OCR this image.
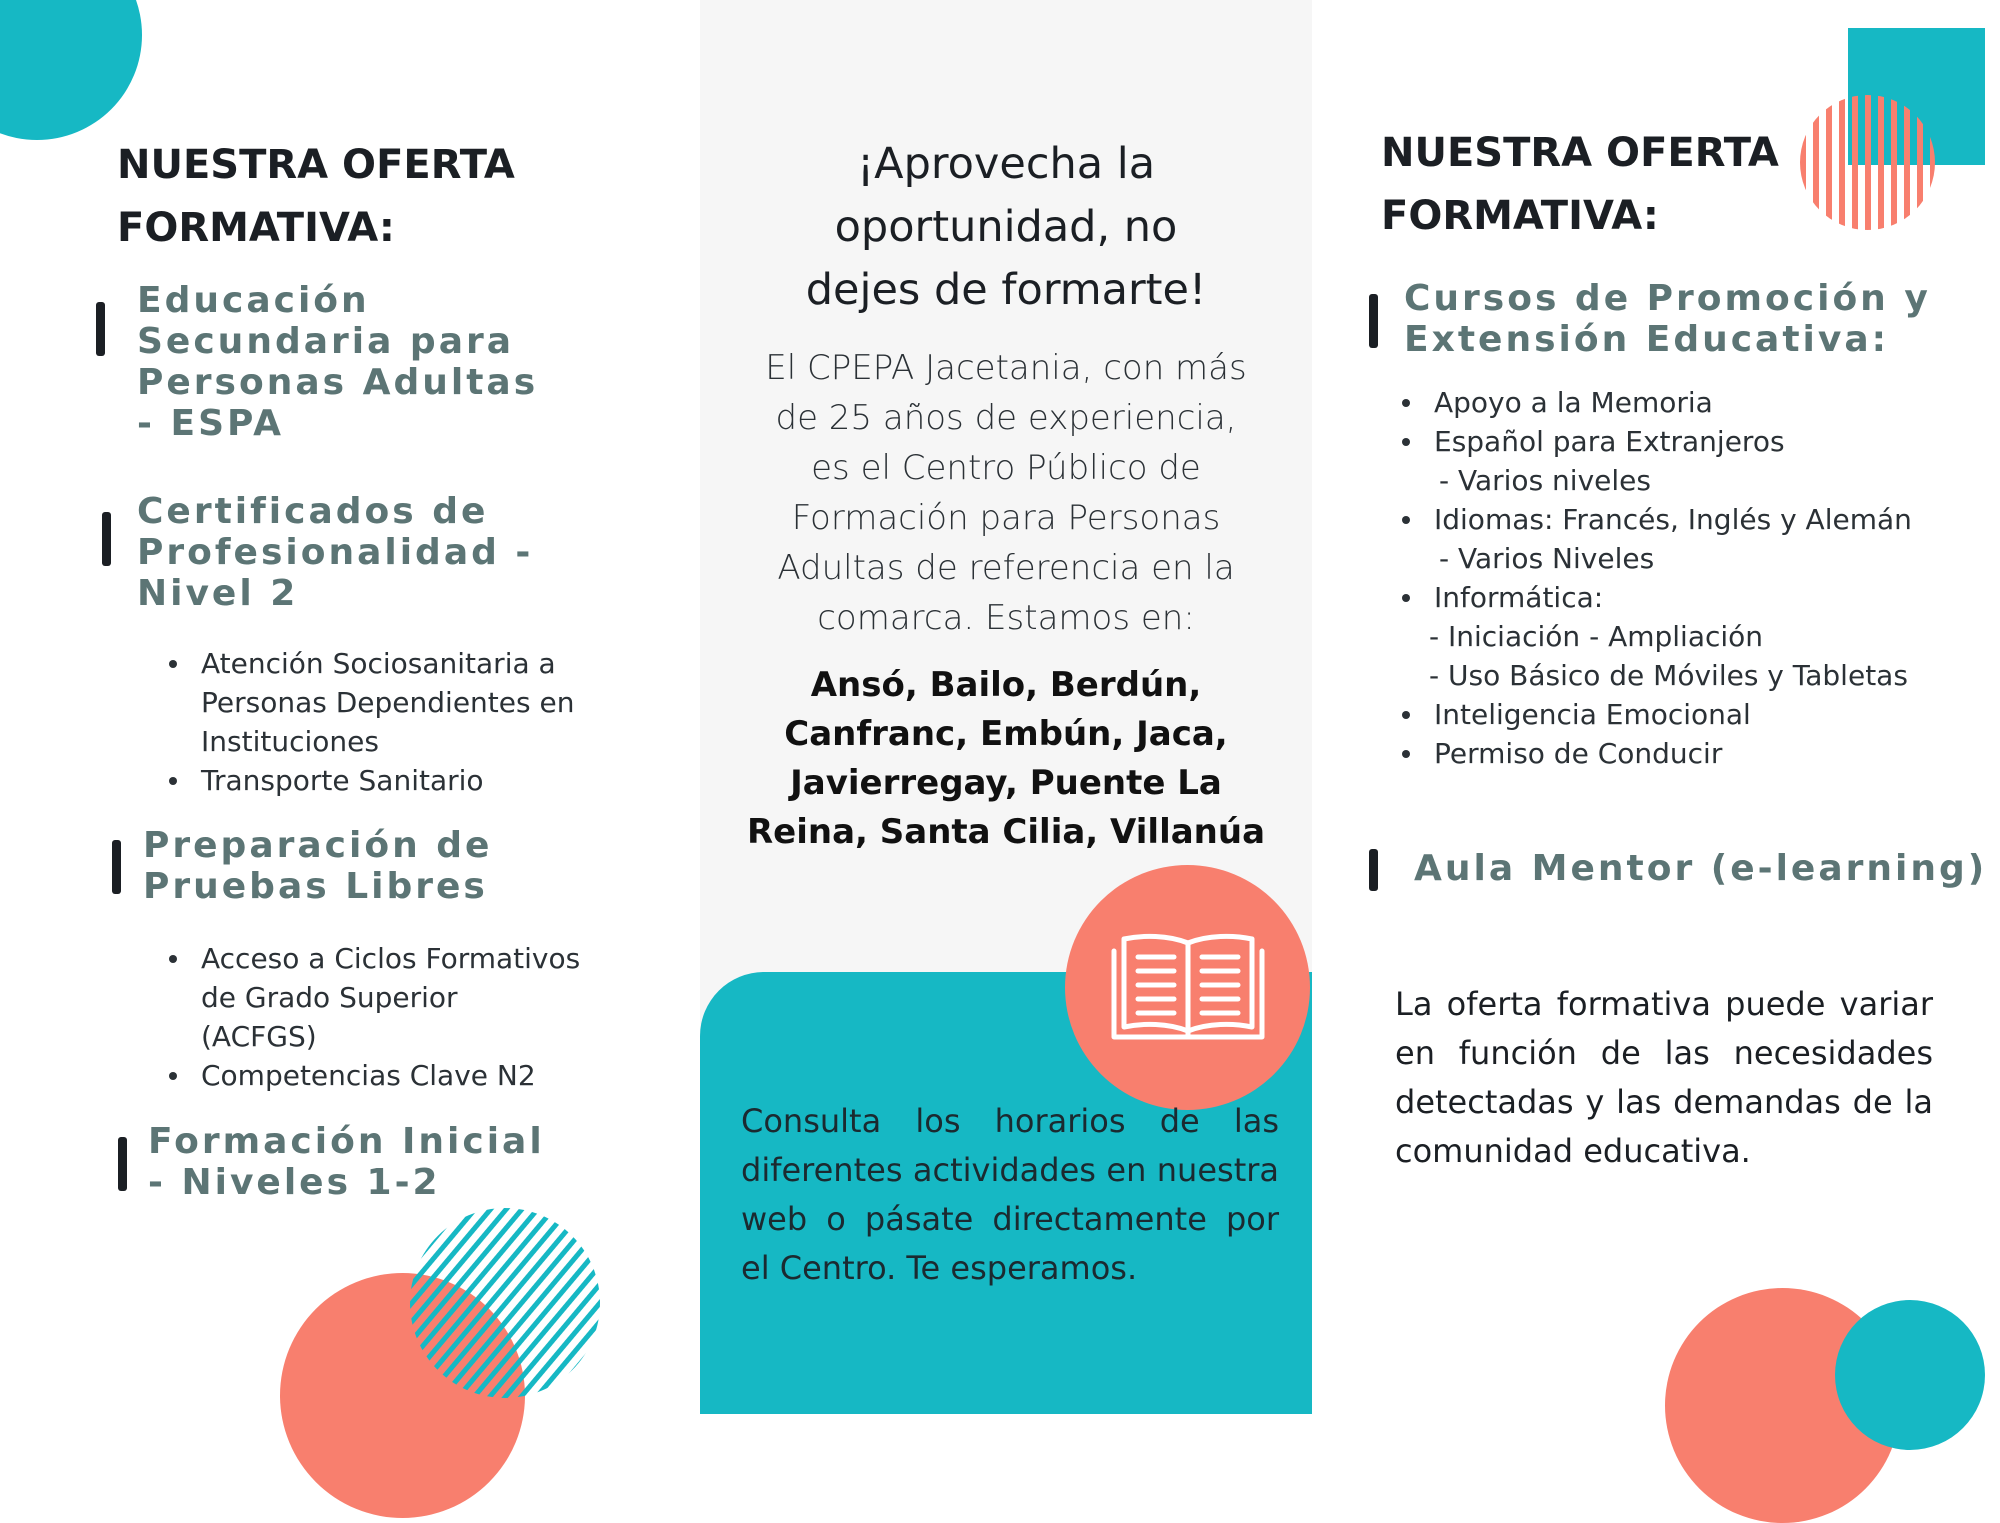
NUESTRA OFERTA
FORMATIVA:
Educación
Secundaria para
Personas Adultas
- ESPA
Certificados de
Profesionalidad -
Nivel 2
Atención Sociosanitaria a Personas Dependientes en Instituciones
Transporte Sanitario
Preparación de
Pruebas Libres
Acceso a Ciclos Formativos de Grado Superior (ACFGS)
Competencias Clave N2
Formación Inicial
- Niveles 1-2
¡Aprovecha la
oportunidad, no
dejes de formarte!
El CPEPA Jacetania, con más
de 25 años de experiencia,
es el Centro Público de
Formación para Personas
Adultas de referencia en la
comarca. Estamos en:
Ansó, Bailo, Berdún,
Canfranc, Embún, Jaca,
Javierregay, Puente La
Reina, Santa Cilia, Villanúa
Consulta los horarios de las diferentes actividades en nuestra web o pásate directamente por el Centro. Te esperamos.
NUESTRA OFERTA
FORMATIVA:
Cursos de Promoción y
Extensión Educativa:
Apoyo a la Memoria
Español para Extranjeros
- Varios niveles
Idiomas: Francés, Inglés y Alemán
- Varios Niveles
Informática:
- Iniciación - Ampliación
- Uso Básico de Móviles y Tabletas
Inteligencia Emocional
Permiso de Conducir
Aula Mentor (e-learning)
La oferta formativa puede variar en función de las necesidades detectadas y las demandas de la comunidad educativa.
